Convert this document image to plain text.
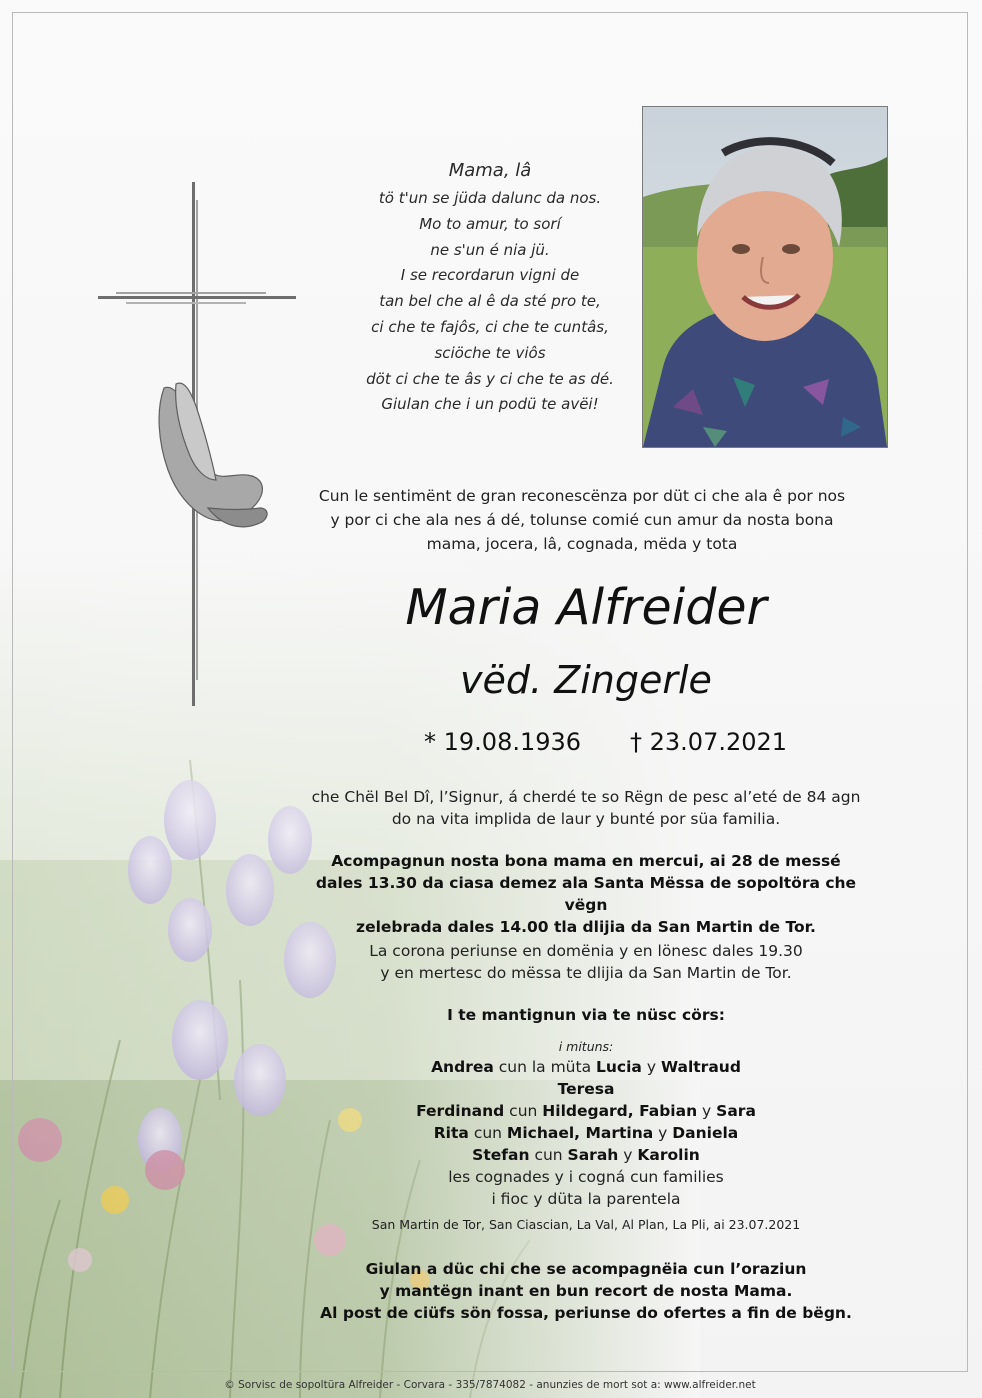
Mama, lâ
tö t'un se jüda dalunc da nos.
Mo to amur, to sorí
ne s'un é nia jü.
I se recordarun vigni de
tan bel che al ê da sté pro te,
ci che te fajôs, ci che te cuntâs,
sciöche te viôs
döt ci che te âs y ci che te as dé.
Giulan che i un podü te avëi!
Cun le sentimënt de gran reconescënza por düt ci che ala ê por nos
y por ci che ala nes á dé, tolunse comié cun amur da nosta bona
mama, jocera, lâ, cognada, mëda y tota
Maria Alfreider
vëd. Zingerle
* 19.08.1936 † 23.07.2021
che Chël Bel Dî, l’Signur, á cherdé te so Rëgn de pesc al’eté de 84 agn
do na vita implida de laur y bunté por süa familia.
Acompagnun nosta bona mama en mercui, ai 28 de messé
dales 13.30 da ciasa demez ala Santa Mëssa de sopoltöra che vëgn
zelebrada dales 14.00 tla dlijia da San Martin de Tor.
La corona periunse en domënia y en lönesc dales 19.30
y en mertesc do mëssa te dlijia da San Martin de Tor.
I te mantignun via te nüsc cörs:
i mituns:
Andrea cun la müta Lucia y Waltraud
Teresa
Ferdinand cun Hildegard, Fabian y Sara
Rita cun Michael, Martina y Daniela
Stefan cun Sarah y Karolin
les cognades y i cogná cun families
i fioc y düta la parentela
San Martin de Tor, San Ciascian, La Val, Al Plan, La Pli, ai 23.07.2021
Giulan a düc chi che se acompagnëia cun l’oraziun
y mantëgn inant en bun recort de nosta Mama.
Al post de ciüfs sön fossa, periunse do ofertes a fin de bëgn.
© Sorvisc de sopoltüra Alfreider - Corvara - 335/7874082 - anunzies de mort sot a: www.alfreider.net
